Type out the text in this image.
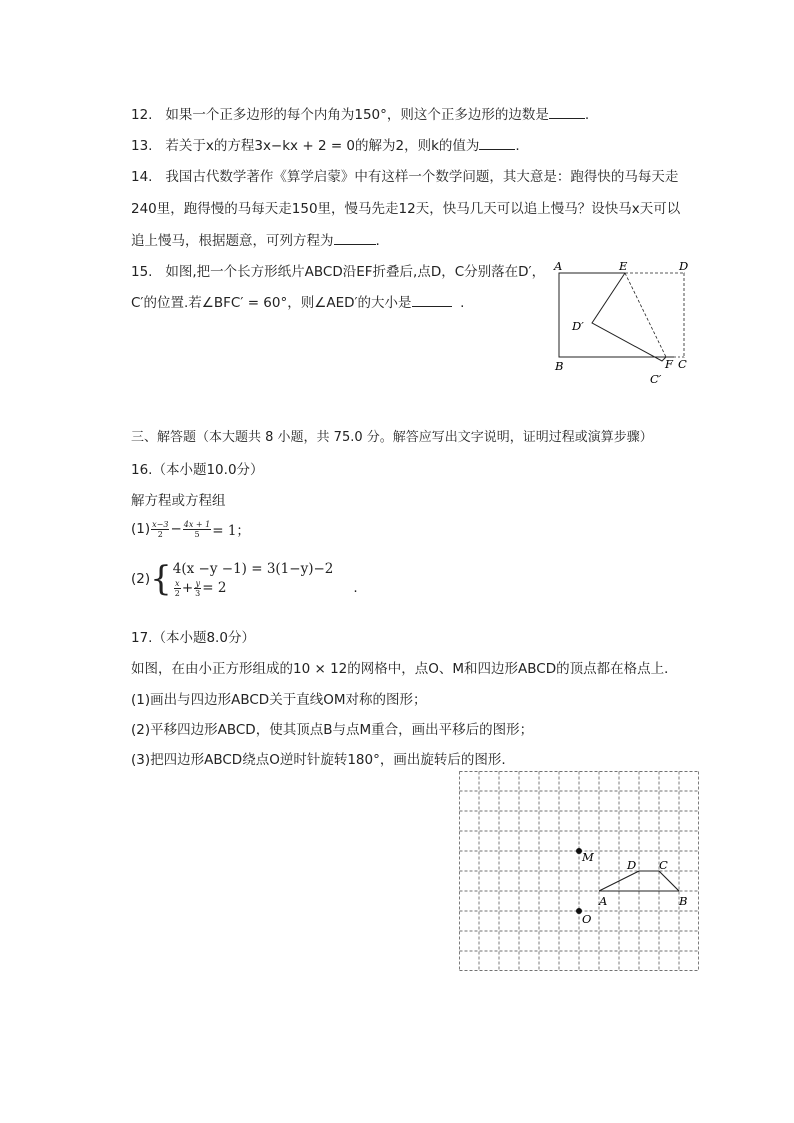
12. 如果一个正多边形的每个内角为150°，则这个正多边形的边数是	.
13. 若关于x的方程3x−kx + 2 = 0的解为2，则k的值为	.
14. 我国古代数学著作《算学启蒙》中有这样一个数学问题，其大意是：跑得快的马每天走
240里，跑得慢的马每天走150里，慢马先走12天，快马几天可以追上慢马？设快马x天可以
追上慢马，根据题意，可列方程为	.
15. 如图,把一个长方形纸片ABCD沿EF折叠后,点D，C分别落在D′，
C′的位置.若∠BFC′ = 60°，则∠AED′的大小是	.
A	E	D
D′
B	F C
C′
三、解答题（本大题共 8 小题，共 75.0 分。解答应写出文字说明，证明过程或演算步骤）
16.（本小题10.0分）
解方程或方程组
$(1) \frac{x-3}{2} - \frac{4x + 1}{5} = 1$；
(2) { 4(x −y −1) = 3(1−y)−2
$\frac{x}{2} + \frac{y}{3} = 2$	.
17.（本小题8.0分）
如图，在由小正方形组成的10 × 12的网格中，点O、M和四边形ABCD的顶点都在格点上．
(1)画出与四边形ABCD关于直线OM对称的图形；
(2)平移四边形ABCD，使其顶点B与点M重合，画出平移后的图形；
(3)把四边形ABCD绕点O逆时针旋转180°，画出旋转后的图形.
M
O
A	B
C
D
